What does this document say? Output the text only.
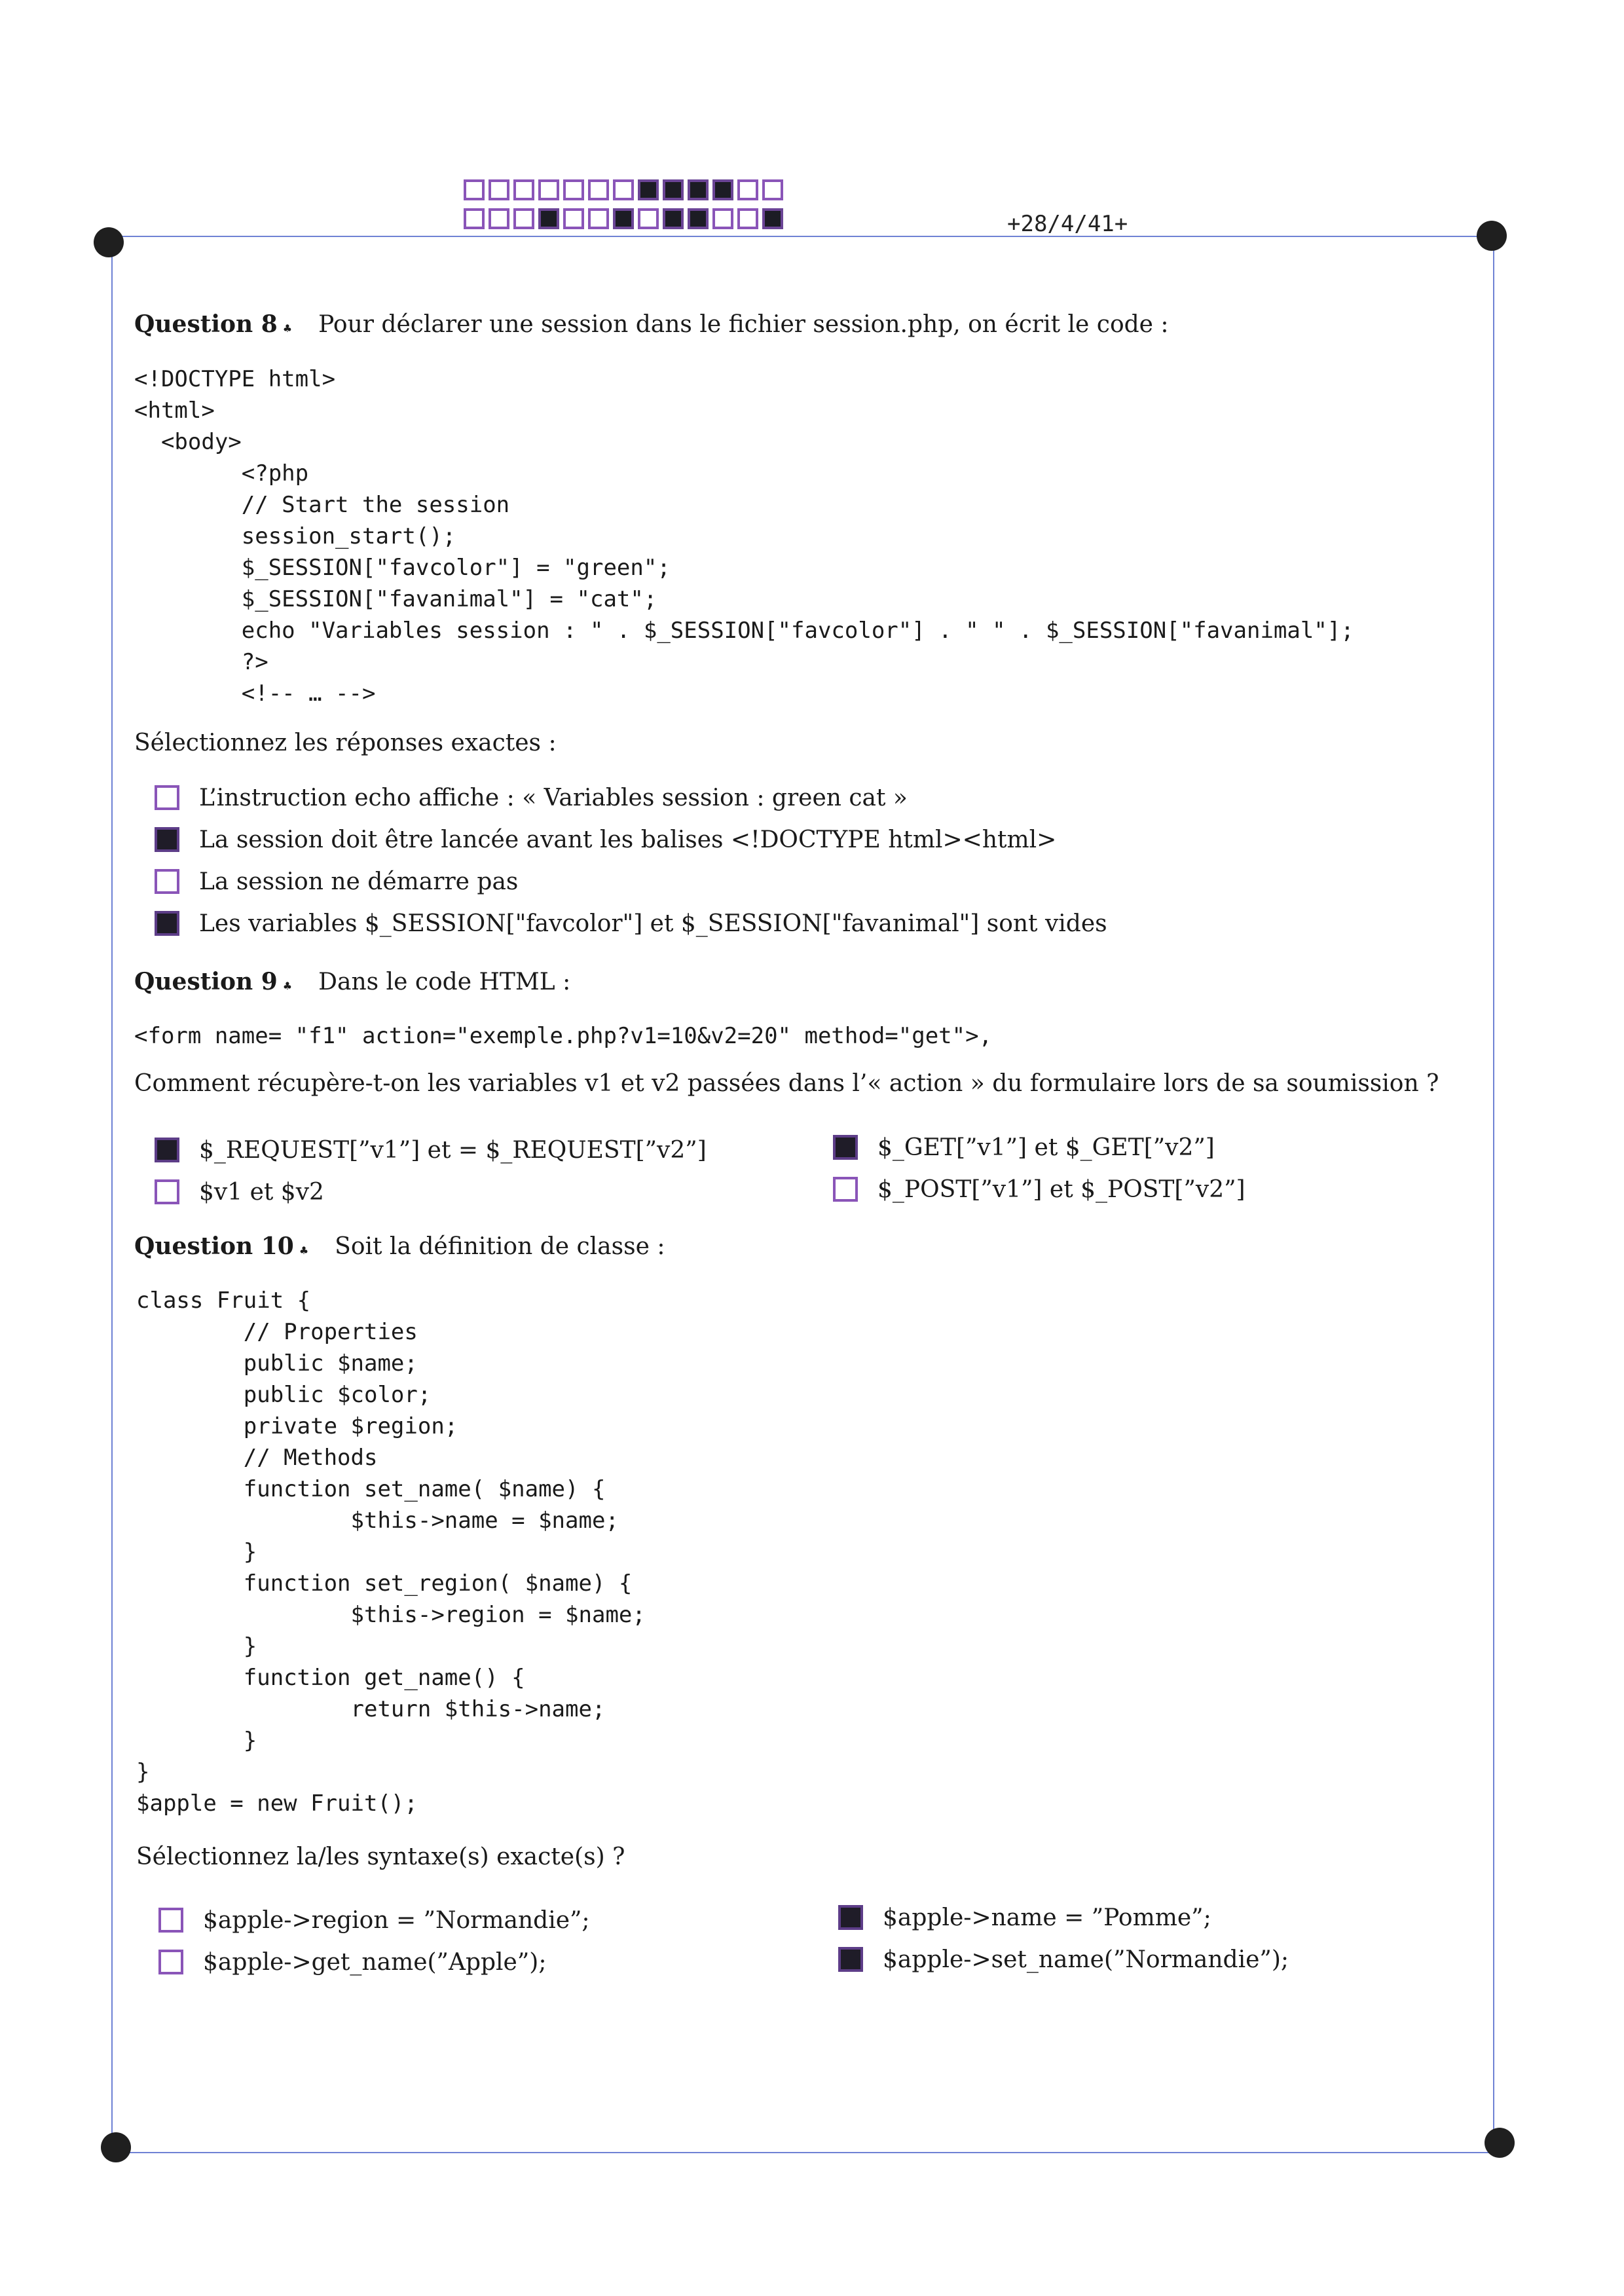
+28/4/41+
Question 8 ♣ Pour déclarer une session dans le fichier session.php, on écrit le code :
<!DOCTYPE html>
<html>
<body>
<?php
// Start the session
session_start();
$_SESSION["favcolor"] = "green";
$_SESSION["favanimal"] = "cat";
echo "Variables session : " . $_SESSION["favcolor"] . " " . $_SESSION["favanimal"];
?>
<!-- … -->
Sélectionnez les réponses exactes :
L’instruction echo affiche : « Variables session : green cat »
La session doit être lancée avant les balises <!DOCTYPE html><html>
La session ne démarre pas
Les variables $_SESSION["favcolor"] et $_SESSION["favanimal"] sont vides
Question 9 ♣ Dans le code HTML :
<form name= "f1" action="exemple.php?v1=10&v2=20" method="get">,
Comment récupère-t-on les variables v1 et v2 passées dans l’« action » du formulaire lors de sa soumission ?
$_REQUEST[”v1”] et = $_REQUEST[”v2”]
$v1 et $v2
$_GET[”v1”] et $_GET[”v2”]
$_POST[”v1”] et $_POST[”v2”]
Question 10 ♣ Soit la définition de classe :
class Fruit {
// Properties
public $name;
public $color;
private $region;
// Methods
function set_name( $name) {
$this->name = $name;
}
function set_region( $name) {
$this->region = $name;
}
function get_name() {
return $this->name;
}
}
$apple = new Fruit();
Sélectionnez la/les syntaxe(s) exacte(s) ?
$apple->region = ”Normandie”;
$apple->get_name(”Apple”);
$apple->name = ”Pomme”;
$apple->set_name(”Normandie”);
